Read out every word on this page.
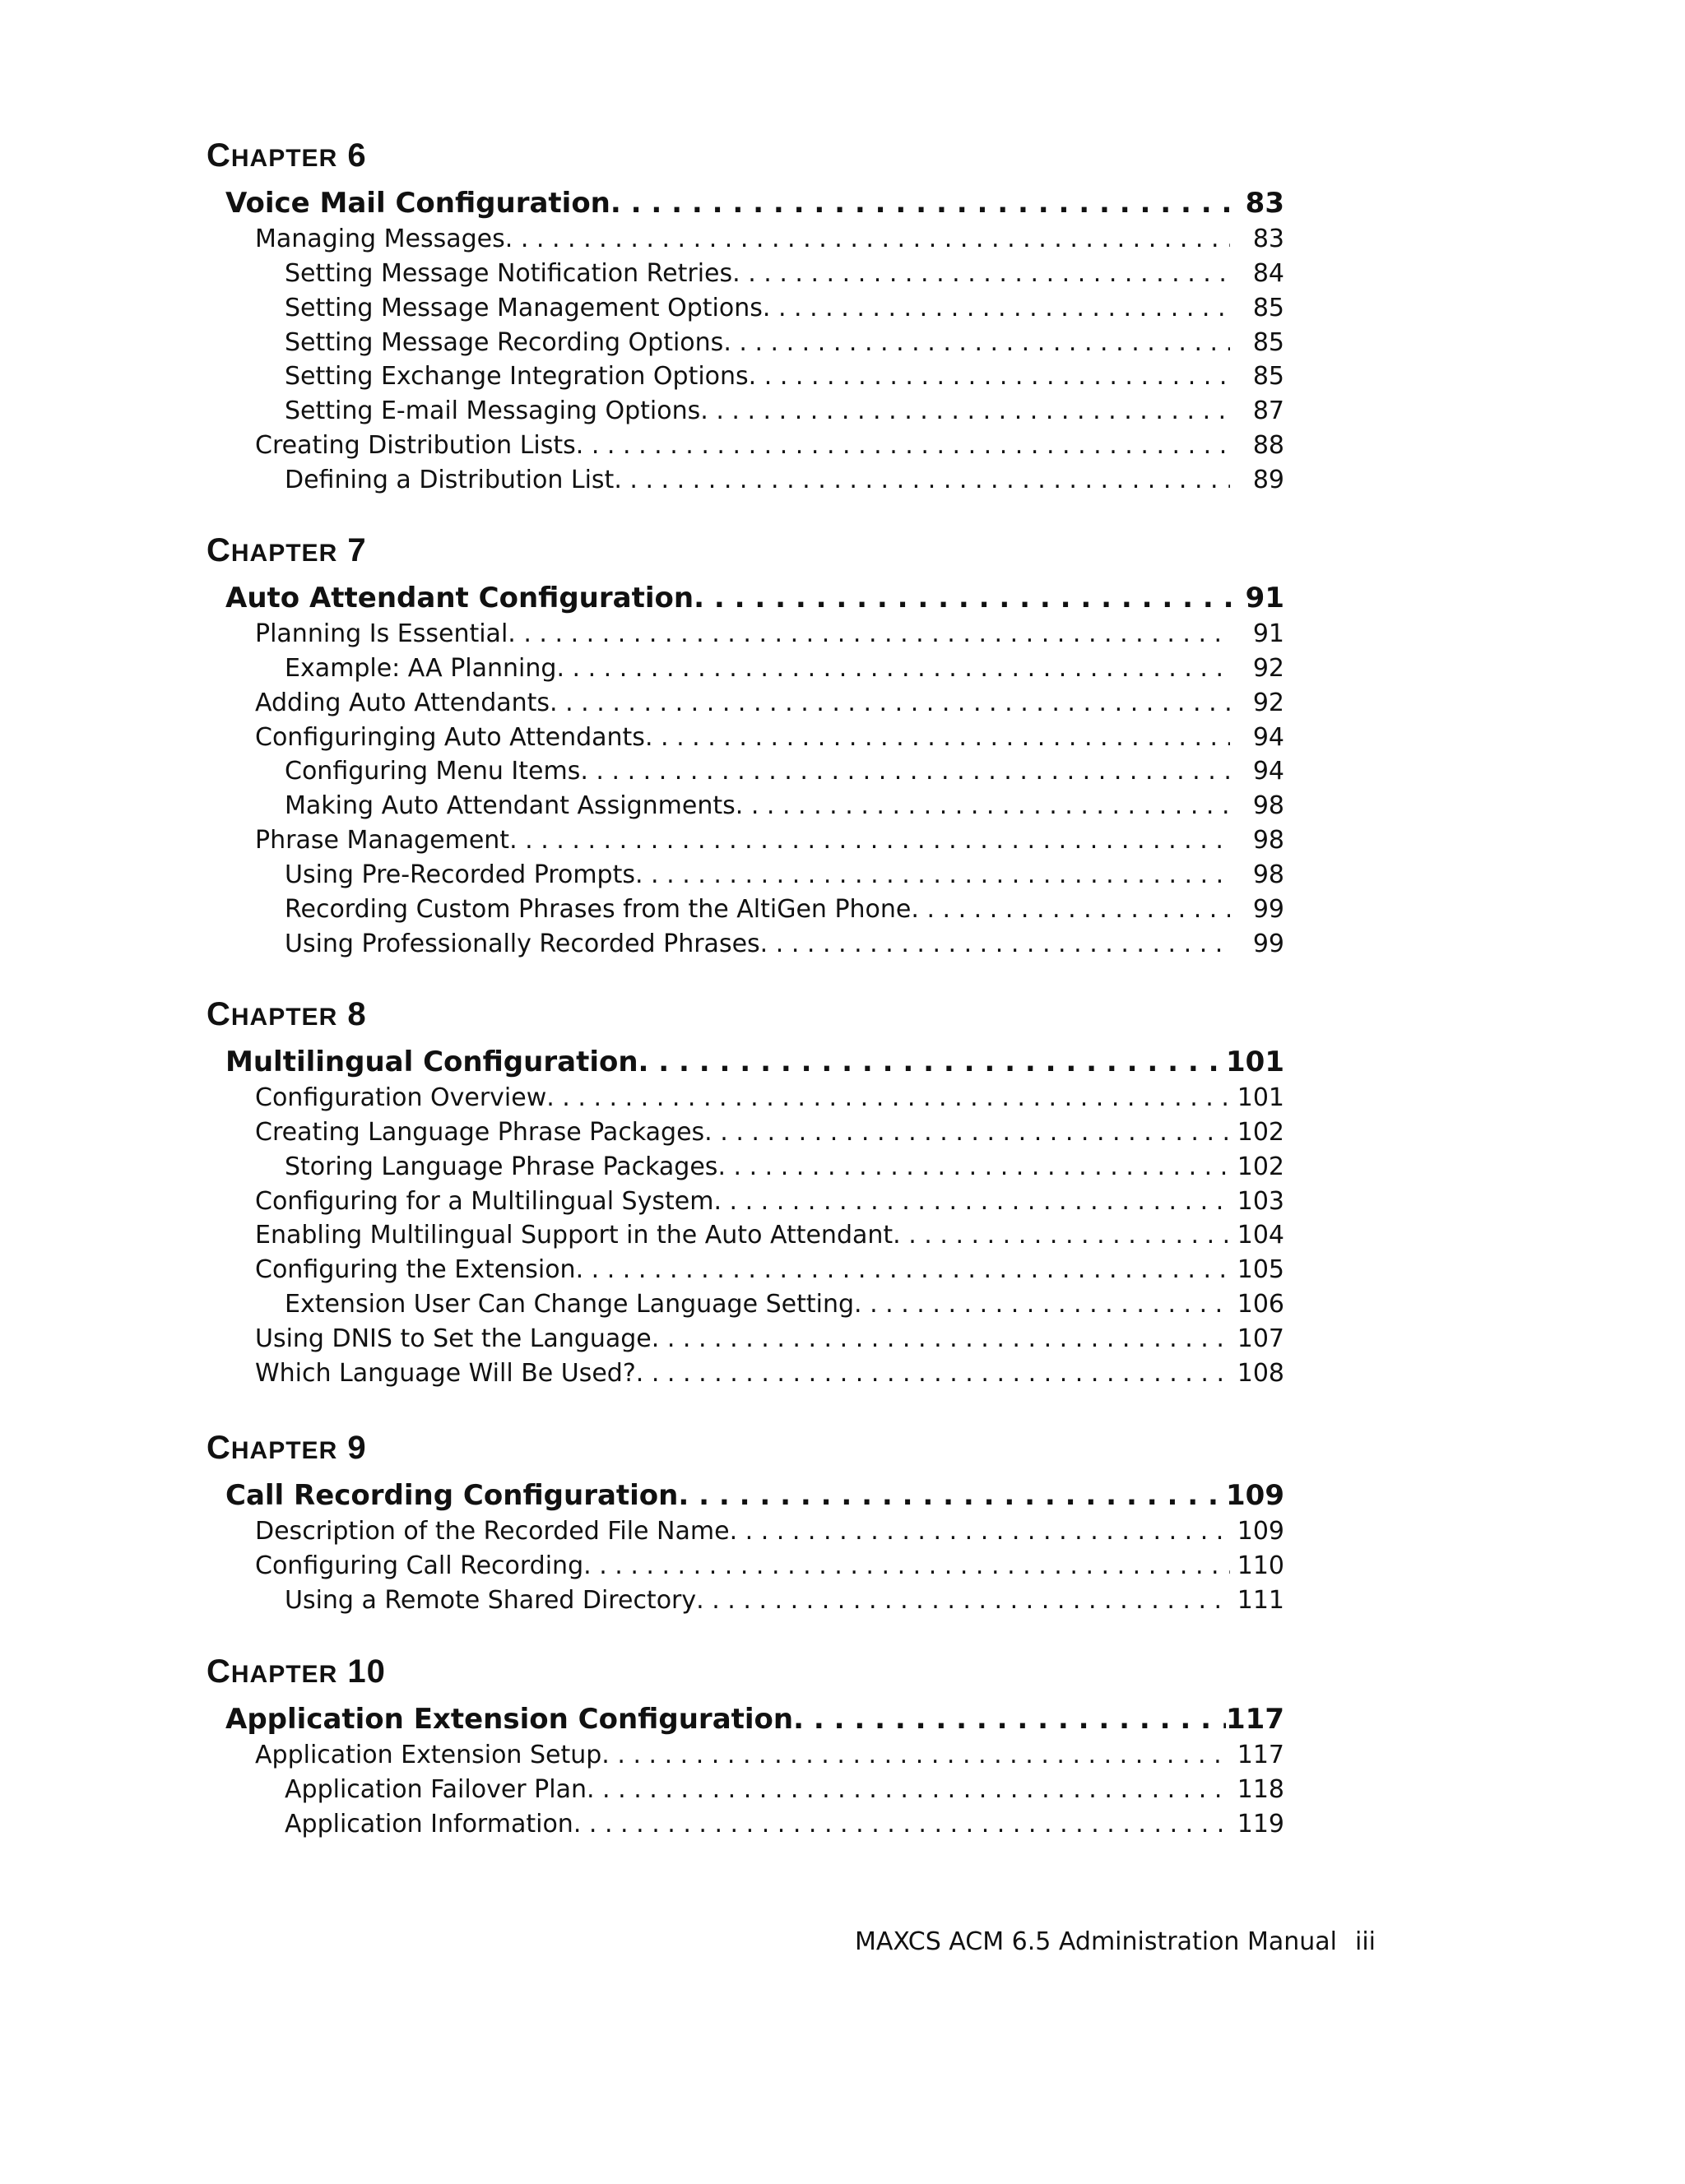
CHAPTER 6
Voice Mail Configuration . . .	83
Managing Messages . . .	83
Setting Message Notification Retries . . .	84
Setting Message Management Options . . .	85
Setting Message Recording Options . . .	85
Setting Exchange Integration Options . . .	85
Setting E-mail Messaging Options . . .	87
Creating Distribution Lists . . .	88
Defining a Distribution List . . .	89
CHAPTER 7
Auto Attendant Configuration . . .	91
Planning Is Essential . . .	91
Example: AA Planning . . .	92
Adding Auto Attendants . . .	92
Configuringing Auto Attendants . . .	94
Configuring Menu Items . . .	94
Making Auto Attendant Assignments . . .	98
Phrase Management . . .	98
Using Pre-Recorded Prompts . . .	98
Recording Custom Phrases from the AltiGen Phone . . .	99
Using Professionally Recorded Phrases . . .	99
CHAPTER 8
Multilingual Configuration . . .	101
Configuration Overview . . .	101
Creating Language Phrase Packages . . .	102
Storing Language Phrase Packages . . .	102
Configuring for a Multilingual System . . .	103
Enabling Multilingual Support in the Auto Attendant . . .	104
Configuring the Extension . . .	105
Extension User Can Change Language Setting . . .	106
Using DNIS to Set the Language . . .	107
Which Language Will Be Used? . . .	108
CHAPTER 9
Call Recording Configuration . . .	109
Description of the Recorded File Name . . .	109
Configuring Call Recording . . .	110
Using a Remote Shared Directory . . .	111
CHAPTER 10
Application Extension Configuration . . .	117
Application Extension Setup . . .	117
Application Failover Plan . . .	118
Application Information . . .	119
MAXCS ACM 6.5 Administration Manual iii
